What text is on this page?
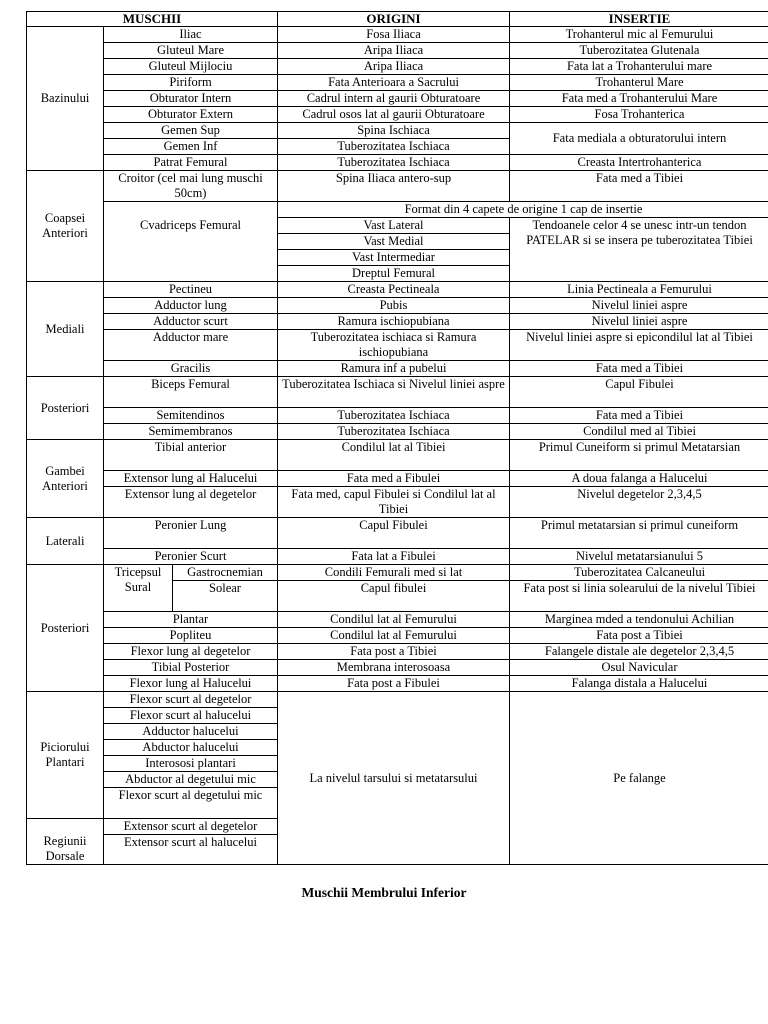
MUSCHII			ORIGINI	INSERTIE
Bazinului	Iliac		Fosa Iliaca	Trohanterul mic al Femurului
	Gluteul Mare		Aripa Iliaca	Tuberozitatea Glutenala
	Gluteul Mijlociu		Aripa Iliaca	Fata lat a Trohanterului mare
	Piriform		Fata Anterioara a Sacrului	Trohanterul Mare
	Obturator Intern		Cadrul intern al gaurii Obturatoare	Fata med a Trohanterului Mare
	Obturator Extern		Cadrul osos lat al gaurii Obturatoare	Fosa Trohanterica
	Gemen Sup		Spina Ischiaca	Fata mediala a obturatorului intern
	Gemen Inf		Tuberozitatea Ischiaca	
	Patrat Femural		Tuberozitatea Ischiaca	Creasta Intertrohanterica
Coapsei Anteriori	Croitor (cel mai lung muschi 50cm)		Spina Iliaca antero-sup	Fata med a Tibiei
	Cvadriceps Femural		Format din 4 capete de origine 1 cap de insertie	
			Vast Lateral	Tendoanele celor 4 se unesc intr-un tendon PATELAR si se insera pe tuberozitatea Tibiei
			Vast Medial	
			Vast Intermediar	
			Dreptul Femural	
Mediali	Pectineu		Creasta Pectineala	Linia Pectineala a Femurului
	Adductor lung		Pubis	Nivelul liniei aspre
	Adductor scurt		Ramura ischiopubiana	Nivelul liniei aspre
	Adductor mare		Tuberozitatea ischiaca si Ramura ischiopubiana	Nivelul liniei aspre si epicondilul lat al Tibiei
	Gracilis		Ramura inf a pubelui	Fata med a Tibiei
Posteriori	Biceps Femural		Tuberozitatea Ischiaca si Nivelul liniei aspre	Capul Fibulei
	Semitendinos		Tuberozitatea Ischiaca	Fata med a Tibiei
	Semimembranos		Tuberozitatea Ischiaca	Condilul med al Tibiei
Gambei Anteriori	Tibial anterior		Condilul lat al Tibiei	Primul Cuneiform si primul Metatarsian
	Extensor lung al Halucelui		Fata med a Fibulei	A doua falanga a Halucelui
	Extensor lung al degetelor		Fata med, capul Fibulei si Condilul lat al Tibiei	Nivelul degetelor 2,3,4,5
Laterali	Peronier Lung		Capul Fibulei	Primul metatarsian si primul cuneiform
	Peronier Scurt		Fata lat a Fibulei	Nivelul metatarsianului 5
Posteriori	Tricepsul Sural	Gastrocnemian	Condili Femurali med si lat	Tuberozitatea Calcaneului
		Solear	Capul fibulei	Fata post si linia solearului de la nivelul Tibiei
	Plantar		Condilul lat al Femurului	Marginea mded a tendonului Achilian
	Popliteu		Condilul lat al Femurului	Fata post a Tibiei
	Flexor lung al degetelor		Fata post a Tibiei	Falangele distale ale degetelor 2,3,4,5
	Tibial Posterior		Membrana interosoasa	Osul Navicular
	Flexor lung al Halucelui		Fata post a Fibulei	Falanga distala a Halucelui
Piciorului Plantari	Flexor scurt al degetelor		La nivelul tarsului si metatarsului	Pe falange
	Flexor scurt al halucelui			
	Adductor halucelui			
	Abductor halucelui			
	Interososi plantari			
	Abductor al degetului mic			
	Flexor scurt al degetului mic			
Regiunii Dorsale	Extensor scurt al degetelor			
	Extensor scurt al halucelui			
Muschii Membrului Inferior
